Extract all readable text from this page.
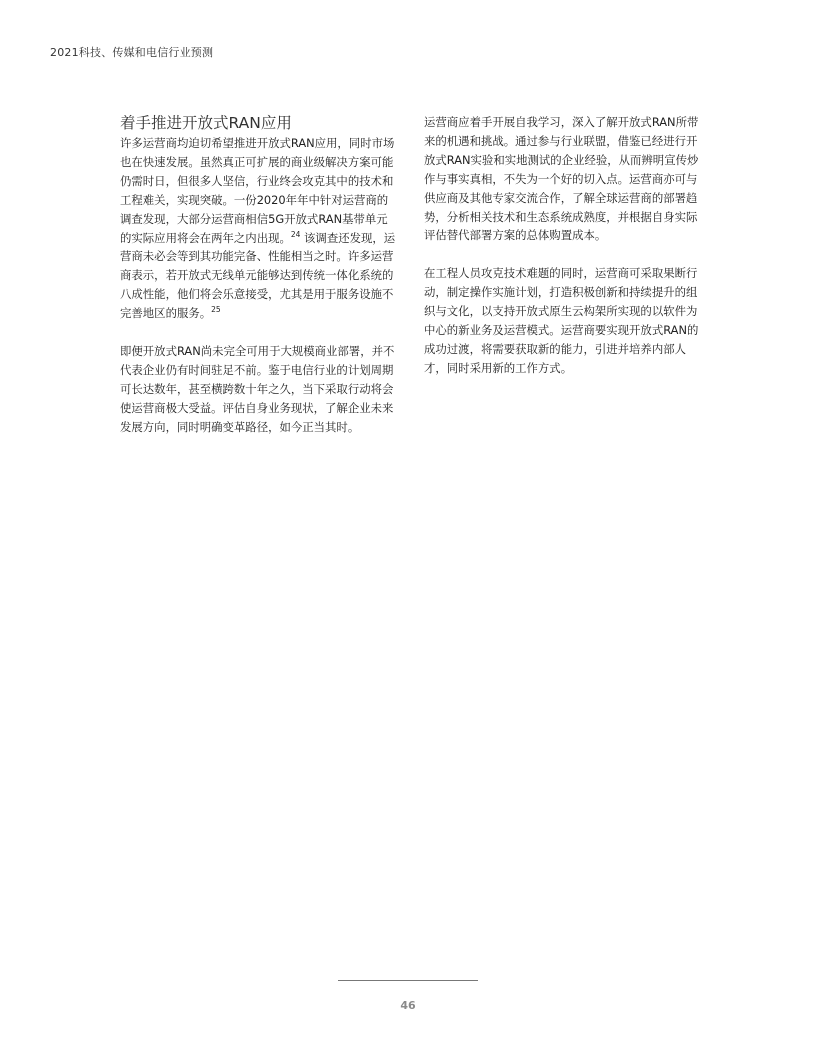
2021科技、传媒和电信行业预测
着手推进开放式RAN应用

许多运营商均迫切希望推进开放式RAN应用，同时市场也在快速发展。虽然真正可扩展的商业级解决方案可能仍需时日，但很多人坚信，行业终会攻克其中的技术和工程难关，实现突破。一份2020年年中针对运营商的调查发现，大部分运营商相信5G开放式RAN基带单元的实际应用将会在两年之内出现。$^{24}$ 该调查还发现，运营商未必会等到其功能完备、性能相当之时。许多运营商表示，若开放式无线单元能够达到传统一体化系统的八成性能，他们将会乐意接受，尤其是用于服务设施不完善地区的服务。$^{25}$

即便开放式RAN尚未完全可用于大规模商业部署，并不代表企业仍有时间驻足不前。鉴于电信行业的计划周期可长达数年，甚至横跨数十年之久，当下采取行动将会使运营商极大受益。评估自身业务现状，了解企业未来发展方向，同时明确变革路径，如今正当其时。

运营商应着手开展自我学习，深入了解开放式RAN所带来的机遇和挑战。通过参与行业联盟，借鉴已经进行开放式RAN实验和实地测试的企业经验，从而辨明宣传炒作与事实真相，不失为一个好的切入点。运营商亦可与供应商及其他专家交流合作，了解全球运营商的部署趋势，分析相关技术和生态系统成熟度，并根据自身实际评估替代部署方案的总体购置成本。

在工程人员攻克技术难题的同时，运营商可采取果断行动，制定操作实施计划，打造积极创新和持续提升的组织与文化，以支持开放式原生云构架所实现的以软件为中心的新业务及运营模式。运营商要实现开放式RAN的成功过渡，将需要获取新的能力，引进并培养内部人才，同时采用新的工作方式。

46
